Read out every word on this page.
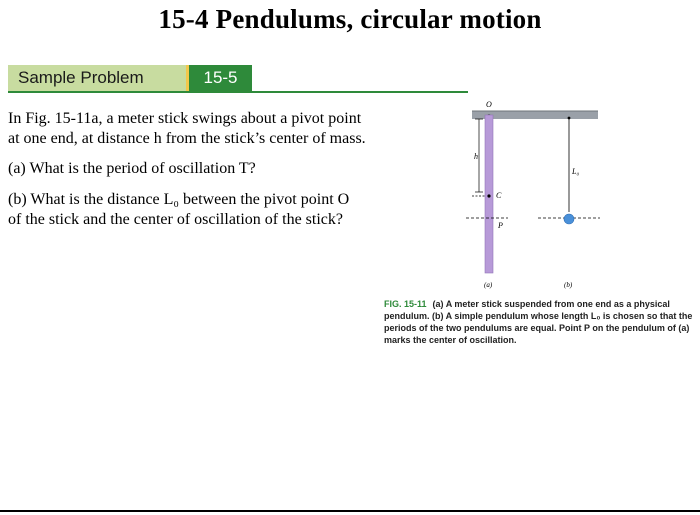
15-4 Pendulums, circular motion
Sample Problem	15-5
In Fig. 15-11a, a meter stick swings about a pivot point
at one end, at distance h from the stick’s center of mass.
(a) What is the period of oscillation T?
(b) What is the distance L₀ between the pivot point O
of the stick and the center of oscillation of the stick?
O
h
C
P
L₀
(a)	(b)
FIG. 15-11 (a) A meter stick suspended from one end as a physical pendulum. (b) A simple pendulum whose length L₀ is chosen so that the periods of the two pendulums are equal. Point P on the pendulum of (a) marks the center of oscillation.
